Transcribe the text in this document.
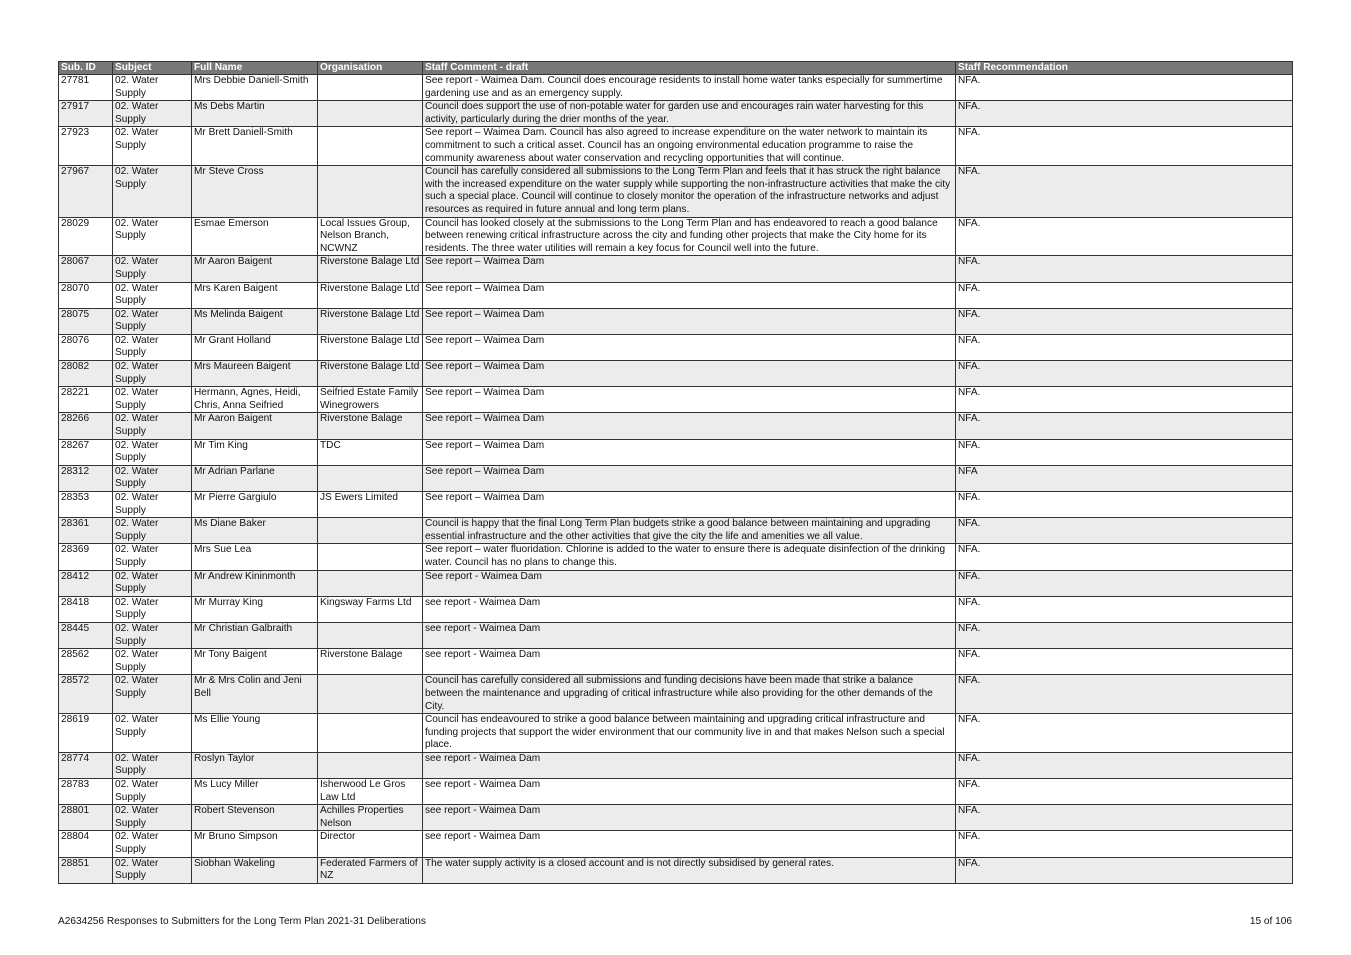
Sub. ID	Subject	Full Name	Organisation	Staff Comment - draft	Staff Recommendation
27781	02. Water Supply	Mrs Debbie Daniell-Smith		See report - Waimea Dam. Council does encourage residents to install home water tanks especially for summertime gardening use and as an emergency supply.	NFA.
27917	02. Water Supply	Ms Debs Martin		Council does support the use of non-potable water for garden use and encourages rain water harvesting for this activity, particularly during the drier months of the year.	NFA.
27923	02. Water Supply	Mr Brett Daniell-Smith		See report – Waimea Dam. Council has also agreed to increase expenditure on the water network to maintain its commitment to such a critical asset. Council has an ongoing environmental education programme to raise the community awareness about water conservation and recycling opportunities that will continue.	NFA.
27967	02. Water Supply	Mr Steve Cross		Council has carefully considered all submissions to the Long Term Plan and feels that it has struck the right balance with the increased expenditure on the water supply while supporting the non-infrastructure activities that make the city such a special place. Council will continue to closely monitor the operation of the infrastructure networks and adjust resources as required in future annual and long term plans.	NFA.
28029	02. Water Supply	Esmae Emerson	Local Issues Group, Nelson Branch, NCWNZ	Council has looked closely at the submissions to the Long Term Plan and has endeavored to reach a good balance between renewing critical infrastructure across the city and funding other projects that make the City home for its residents. The three water utilities will remain a key focus for Council well into the future.	NFA.
28067	02. Water Supply	Mr Aaron Baigent	Riverstone Balage Ltd	See report – Waimea Dam	NFA.
28070	02. Water Supply	Mrs Karen Baigent	Riverstone Balage Ltd	See report – Waimea Dam	NFA.
28075	02. Water Supply	Ms Melinda Baigent	Riverstone Balage Ltd	See report – Waimea Dam	NFA.
28076	02. Water Supply	Mr Grant Holland	Riverstone Balage Ltd	See report – Waimea Dam	NFA.
28082	02. Water Supply	Mrs Maureen Baigent	Riverstone Balage Ltd	See report – Waimea Dam	NFA.
28221	02. Water Supply	Hermann, Agnes, Heidi, Chris, Anna Seifried	Seifried Estate Family Winegrowers	See report – Waimea Dam	NFA.
28266	02. Water Supply	Mr Aaron Baigent	Riverstone Balage	See report – Waimea Dam	NFA.
28267	02. Water Supply	Mr Tim King	TDC	See report – Waimea Dam	NFA.
28312	02. Water Supply	Mr Adrian Parlane		See report – Waimea Dam	NFA
28353	02. Water Supply	Mr Pierre Gargiulo	JS Ewers Limited	See report – Waimea Dam	NFA.
28361	02. Water Supply	Ms Diane Baker		Council is happy that the final Long Term Plan budgets strike a good balance between maintaining and upgrading essential infrastructure and the other activities that give the city the life and amenities we all value.	NFA.
28369	02. Water Supply	Mrs Sue Lea		See report – water fluoridation. Chlorine is added to the water to ensure there is adequate disinfection of the drinking water. Council has no plans to change this.	NFA.
28412	02. Water Supply	Mr Andrew Kininmonth		See report - Waimea Dam	NFA.
28418	02. Water Supply	Mr Murray King	Kingsway Farms Ltd	see report - Waimea Dam	NFA.
28445	02. Water Supply	Mr Christian Galbraith		see report - Waimea Dam	NFA.
28562	02. Water Supply	Mr Tony Baigent	Riverstone Balage	see report - Waimea Dam	NFA.
28572	02. Water Supply	Mr & Mrs Colin and Jeni Bell		Council has carefully considered all submissions and funding decisions have been made that strike a balance between the maintenance and upgrading of critical infrastructure while also providing for the other demands of the City.	NFA.
28619	02. Water Supply	Ms Ellie Young		Council has endeavoured to strike a good balance between maintaining and upgrading critical infrastructure and funding projects that support the wider environment that our community live in and that makes Nelson such a special place.	NFA.
28774	02. Water Supply	Roslyn Taylor		see report - Waimea Dam	NFA.
28783	02. Water Supply	Ms Lucy Miller	Isherwood Le Gros Law Ltd	see report - Waimea Dam	NFA.
28801	02. Water Supply	Robert Stevenson	Achilles Properties Nelson	see report - Waimea Dam	NFA.
28804	02. Water Supply	Mr Bruno Simpson	Director	see report - Waimea Dam	NFA.
28851	02. Water Supply	Siobhan Wakeling	Federated Farmers of NZ	The water supply activity is a closed account and is not directly subsidised by general rates.	NFA.
A2634256 Responses to Submitters for the Long Term Plan 2021-31 Deliberations	15 of 106
